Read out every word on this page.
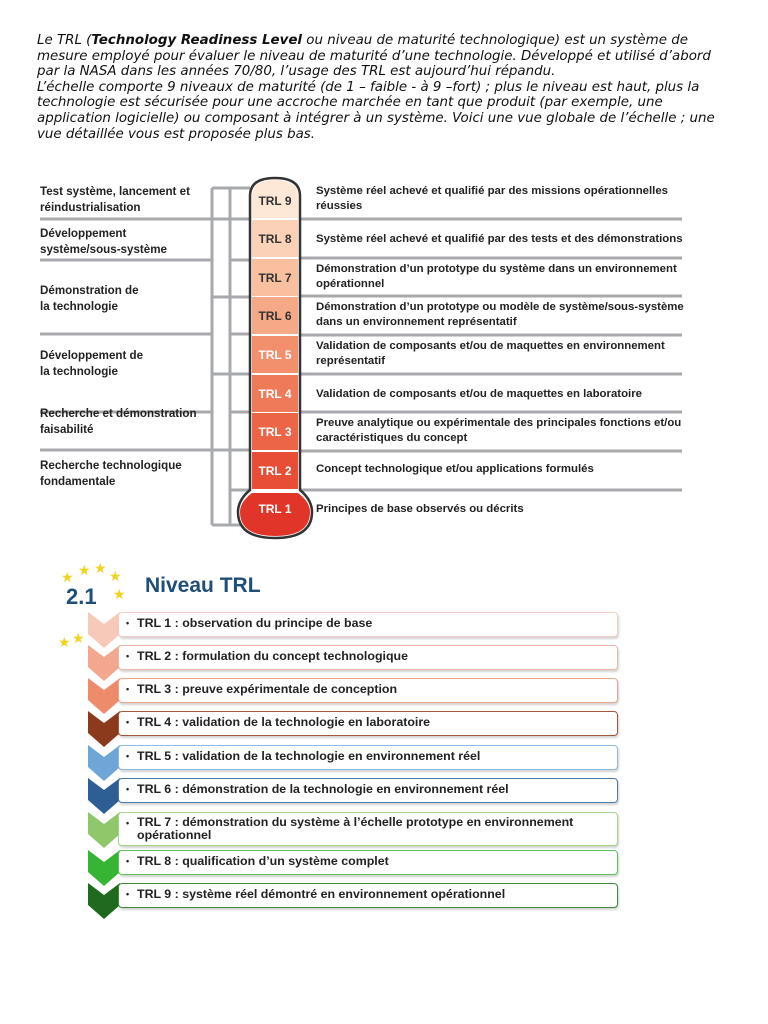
Le TRL (Technology Readiness Level ou niveau de maturité technologique) est un système de mesure employé pour évaluer le niveau de maturité d’une technologie. Développé et utilisé d’abord par la NASA dans les années 70/80, l’usage des TRL est aujourd’hui répandu.

L’échelle comporte 9 niveaux de maturité (de 1 – faible - à 9 –fort) ; plus le niveau est haut, plus la technologie est sécurisée pour une accroche marchée en tant que produit (par exemple, une application logicielle) ou composant à intégrer à un système. Voici une vue globale de l’échelle ; une vue détaillée vous est proposée plus bas.

TRL 9
TRL 8
TRL 7
TRL 6
TRL 5
TRL 4
TRL 3
TRL 2
TRL 1
Test système, lancement et réindustrialisation
Développement système/sous-système
Démonstration de la technologie
Développement de la technologie
Recherche et démonstration faisabilité
Recherche technologique fondamentale
Système réel achevé et qualifié par des missions opérationnelles réussies
Système réel achevé et qualifié par des tests et des démonstrations
Démonstration d’un prototype du système dans un environnement opérationnel
Démonstration d’un prototype ou modèle de système/sous-système dans un environnement représentatif
Validation de composants et/ou de maquettes en environnement représentatif
Validation de composants et/ou de maquettes en laboratoire
Preuve analytique ou expérimentale des principales fonctions et/ou caractéristiques du concept
Concept technologique et/ou applications formulés
Principes de base observés ou décrits
★ ★ ★ ★
★
★ ★
2.1 Niveau TRL
• TRL 1 : observation du principe de base
• TRL 2 : formulation du concept technologique
• TRL 3 : preuve expérimentale de conception
• TRL 4 : validation de la technologie en laboratoire
• TRL 5 : validation de la technologie en environnement réel
• TRL 6 : démonstration de la technologie en environnement réel
• TRL 7 : démonstration du système à l’échelle prototype en environnement opérationnel
• TRL 8 : qualification d’un système complet
• TRL 9 : système réel démontré en environnement opérationnel
